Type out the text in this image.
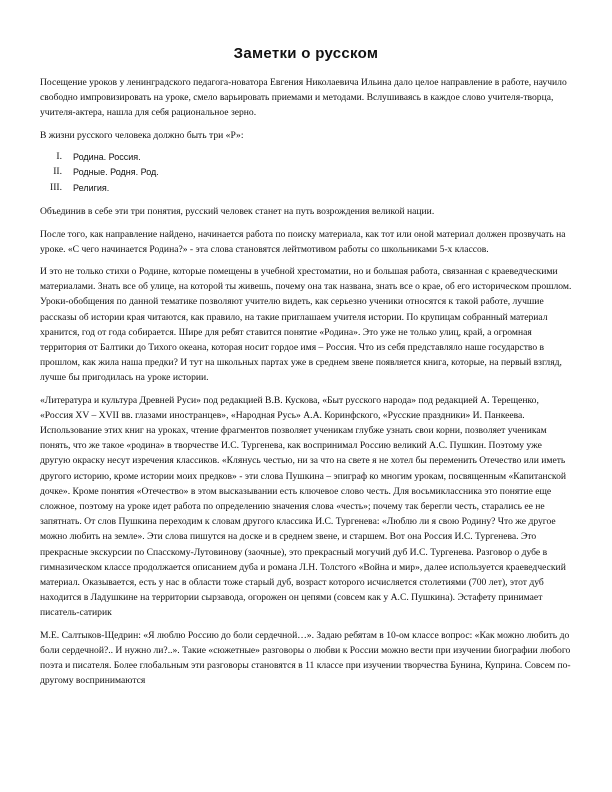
Заметки о русском

Посещение уроков у ленинградского педагога-новатора Евгения Николаевича Ильина дало целое направление в работе, научило свободно импровизировать на уроке, смело варьировать приемами и методами. Вслушиваясь в каждое слово учителя-творца, учителя-актера, нашла для себя рациональное зерно.

В жизни русского человека должно быть три «Р»:

I. Родина. Россия.
II. Родные. Родня. Род.
III. Религия.

Объединив в себе эти три понятия, русский человек станет на путь возрождения великой нации.

После того, как направление найдено, начинается работа по поиску материала, как тот или оной материал должен прозвучать на уроке. «С чего начинается Родина?» - эта слова становятся лейтмотивом работы со школьниками 5-х классов.

И это не только стихи о Родине, которые помещены в учебной хрестоматии, но и большая работа, связанная с краеведческими материалами. Знать все об улице, на которой ты живешь, почему она так названа, знать все о крае, об его историческом прошлом. Уроки-обобщения по данной тематике позволяют учителю видеть, как серьезно ученики относятся к такой работе, лучшие рассказы об истории края читаются, как правило, на такие приглашаем учителя истории. По крупицам собранный материал хранится, год от года собирается. Шире для ребят ставится понятие «Родина». Это уже не только улиц, край, а огромная территория от Балтики до Тихого океана, которая носит гордое имя – Россия. Что из себя представляло наше государство в прошлом, как жила наша предки? И тут на школьных партах уже в среднем звене появляется книга, которые, на первый взгляд, лучше бы пригодилась на уроке истории.

«Литература и культура Древней Руси» под редакцией В.В. Кускова, «Быт русского народа» под редакцией А. Терещенко, «Россия XV – XVII вв. глазами иностранцев», «Народная Русь» А.А. Коринфского, «Русские праздники» И. Панкеева. Использование этих книг на уроках, чтение фрагментов позволяет ученикам глубже узнать свои корни, позволяет ученикам понять, что же такое «родина» в творчестве И.С. Тургенева, как воспринимал Россию великий А.С. Пушкин. Поэтому уже другую окраску несут изречения классиков. «Клянусь честью, ни за что на свете я не хотел бы переменить Отечество или иметь другого историю, кроме истории моих предков» - эти слова Пушкина – эпиграф ко многим урокам, посвященным «Капитанской дочке». Кроме понятия «Отечество» в этом высказывании есть ключевое слово честь. Для восьмиклассника это понятие еще сложное, поэтому на уроке идет работа по определению значения слова «честь»; почему так берегли честь, старались ее не запятнать. От слов Пушкина переходим к словам другого классика И.С. Тургенева: «Люблю ли я свою Родину? Что же другое можно любить на земле». Эти слова пишутся на доске и в среднем звене, и старшем. Вот она Россия И.С. Тургенева. Это прекрасные экскурсии по Спасскому-Лутовинову (заочные), это прекрасный могучий дуб И.С. Тургенева. Разговор о дубе в гимназическом классе продолжается описанием дуба и романа Л.Н. Толстого «Война и мир», далее используется краеведческий материал. Оказывается, есть у нас в области тоже старый дуб, возраст которого исчисляется столетиями (700 лет), этот дуб находится в Ладушкине на территории сырзавода, огорожен он цепями (совсем как у А.С. Пушкина). Эстафету принимает писатель-сатирик

М.Е. Салтыков-Щедрин: «Я люблю Россию до боли сердечной…». Задаю ребятам в 10-ом классе вопрос: «Как можно любить до боли сердечной?.. И нужно ли?..». Такие «сюжетные» разговоры о любви к России можно вести при изучении биографии любого поэта и писателя. Более глобальным эти разговоры становятся в 11 классе при изучении творчества Бунина, Куприна. Совсем по-другому воспринимаются
